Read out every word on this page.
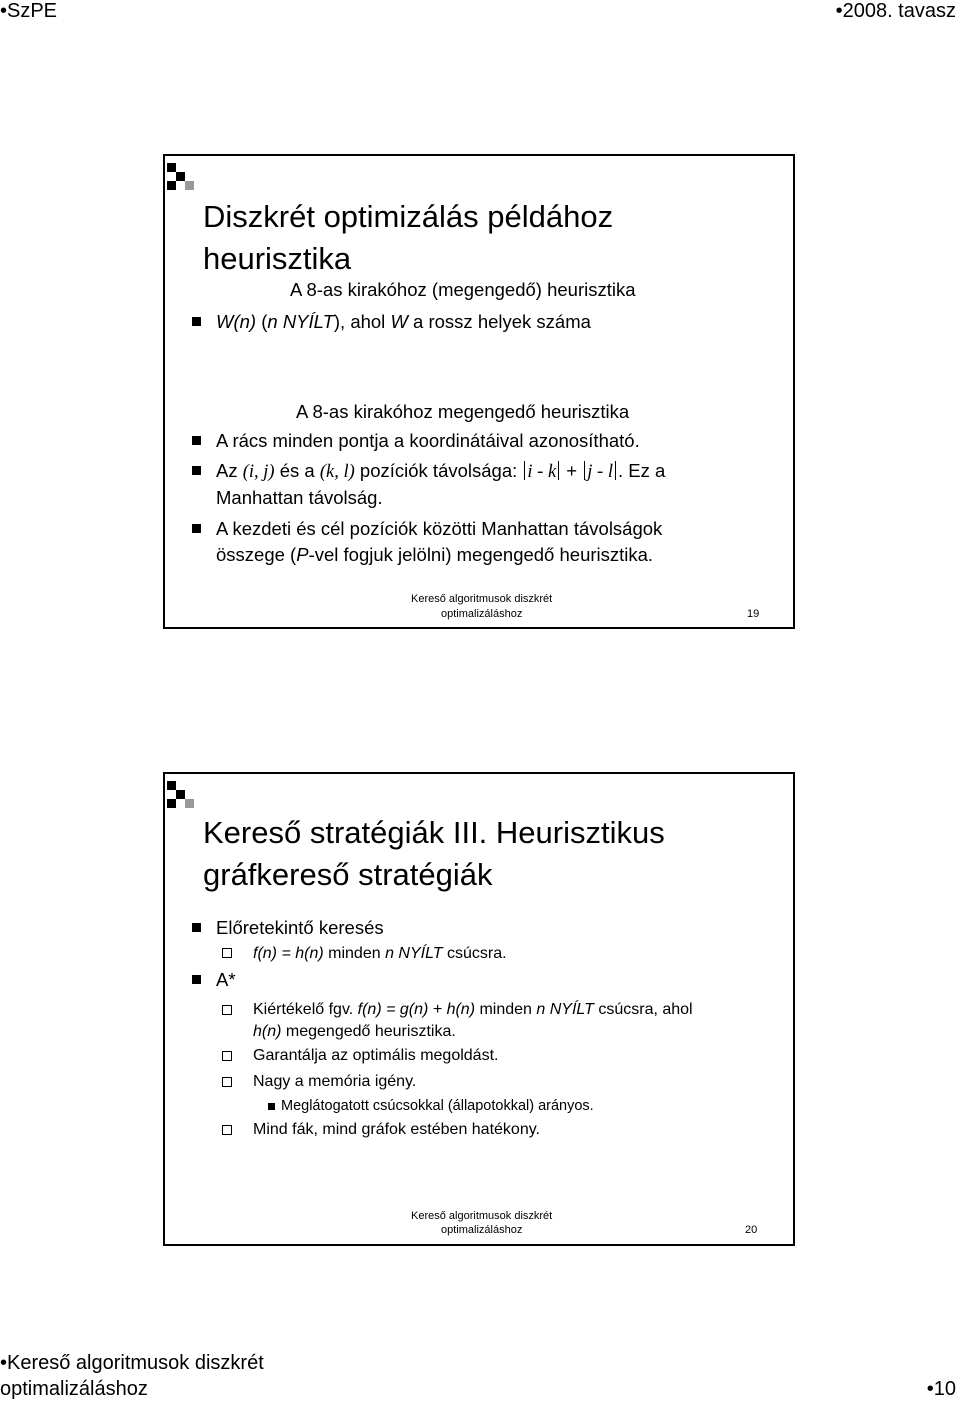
•SzPE	•2008. tavasz
Diszkrét optimizálás példához
heurisztika
A 8-as kirakóhoz (megengedő) heurisztika
W(n) (n NYÍLT), ahol W a rossz helyek száma
A 8-as kirakóhoz megengedő heurisztika
A rács minden pontja a koordinátáival azonosítható.
Az (i, j) és a (k, l) pozíciók távolsága: i - k + j - l . Ez a
Manhattan távolság.
A kezdeti és cél pozíciók közötti Manhattan távolságok
összege (P-vel fogjuk jelölni) megengedő heurisztika.
Kereső algoritmusok diszkrét
optimalizáláshoz	19
Kereső stratégiák III. Heurisztikus
gráfkereső stratégiák
Előretekintő keresés
f(n) = h(n) minden n NYÍLT csúcsra.
A*
Kiértékelő fgv. f(n) = g(n) + h(n) minden n NYÍLT csúcsra, ahol
h(n) megengedő heurisztika.
Garantálja az optimális megoldást.
Nagy a memória igény.
Meglátogatott csúcsokkal (állapotokkal) arányos.
Mind fák, mind gráfok estében hatékony.
Kereső algoritmusok diszkrét
optimalizáláshoz	20
•Kereső algoritmusok diszkrét
optimalizáláshoz	•10
